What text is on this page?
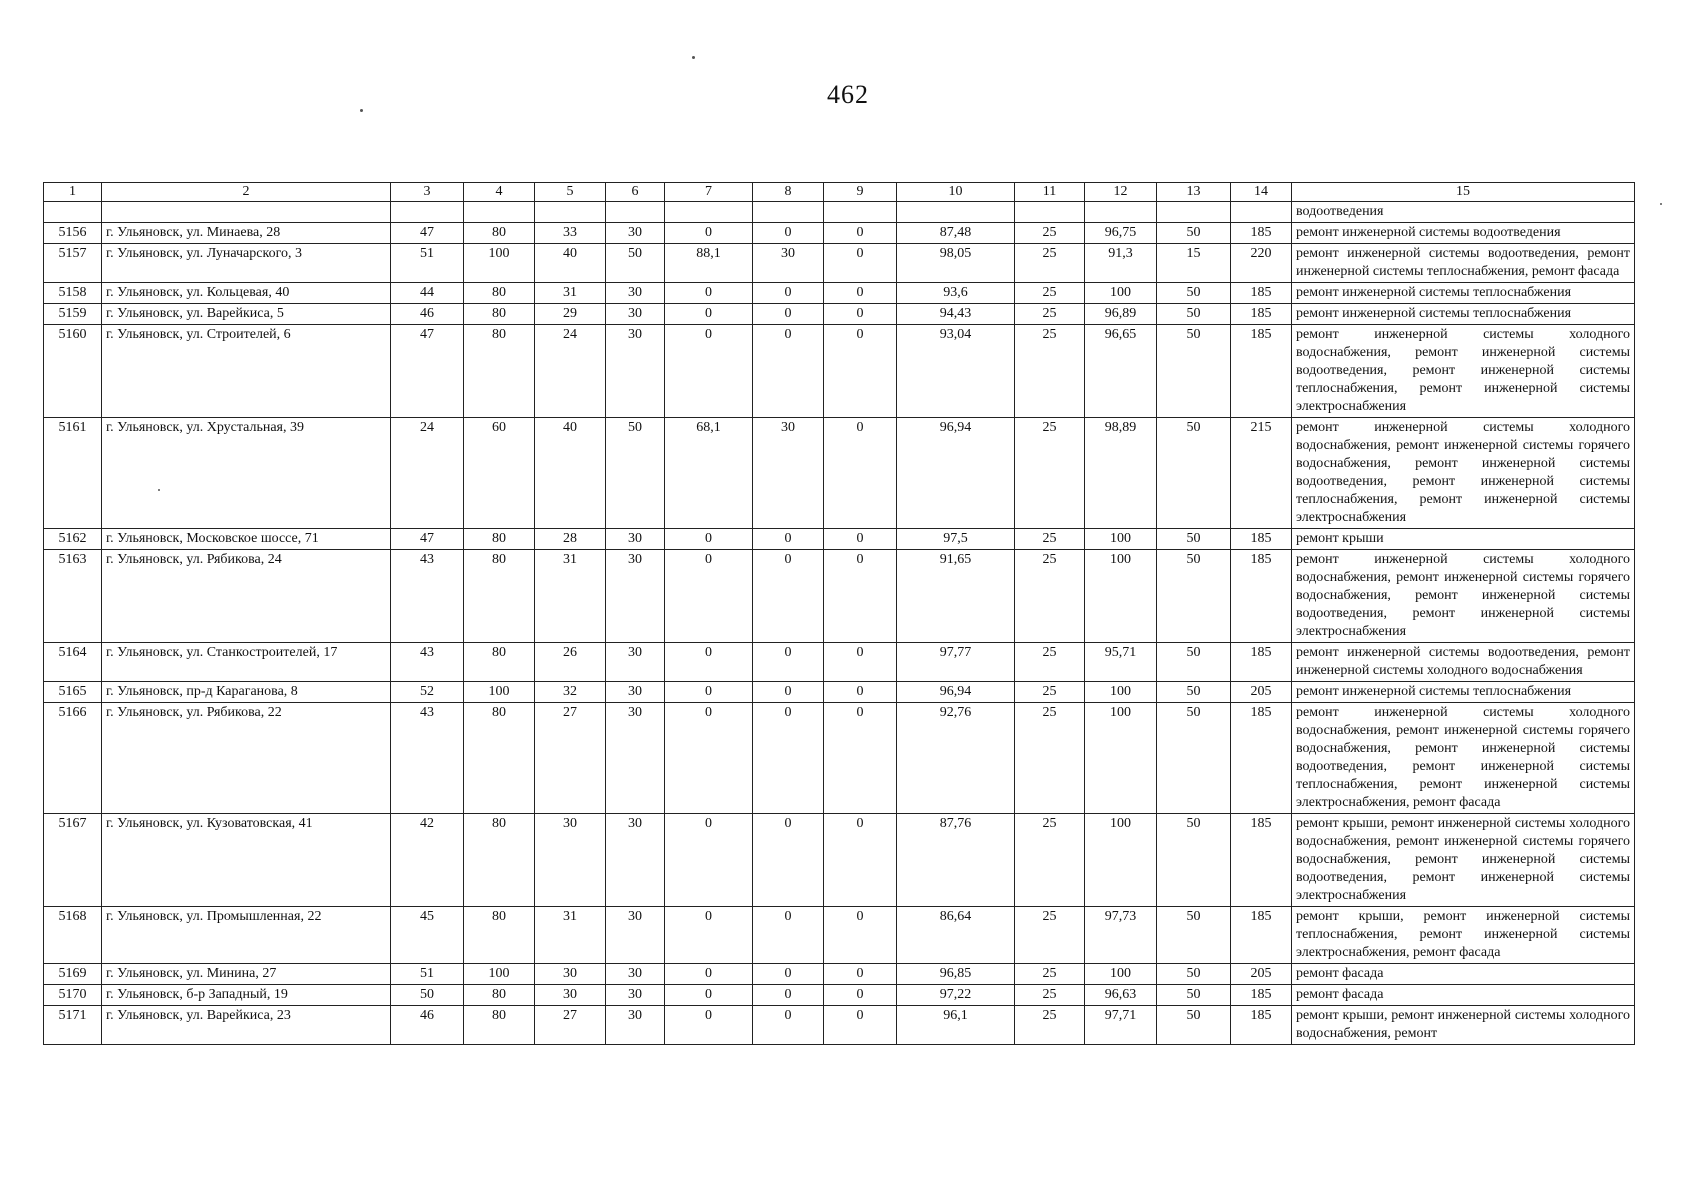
462
1	2	3	4	5	6	7	8	9	10	11	12	13	14	15
														водоотведения
5156	г. Ульяновск, ул. Минаева, 28	47	80	33	30	0	0	0	87,48	25	96,75	50	185	ремонт инженерной системы водоотведения
5157	г. Ульяновск, ул. Луначарского, 3	51	100	40	50	88,1	30	0	98,05	25	91,3	15	220	ремонт инженерной системы водоотведения, ремонт инженерной системы теплоснабжения, ремонт фасада
5158	г. Ульяновск, ул. Кольцевая, 40	44	80	31	30	0	0	0	93,6	25	100	50	185	ремонт инженерной системы теплоснабжения
5159	г. Ульяновск, ул. Варейкиса, 5	46	80	29	30	0	0	0	94,43	25	96,89	50	185	ремонт инженерной системы теплоснабжения
5160	г. Ульяновск, ул. Строителей, 6	47	80	24	30	0	0	0	93,04	25	96,65	50	185	ремонт инженерной системы холодного водоснабжения, ремонт инженерной системы водоотведения, ремонт инженерной системы теплоснабжения, ремонт инженерной системы электроснабжения
5161	г. Ульяновск, ул. Хрустальная, 39	24	60	40	50	68,1	30	0	96,94	25	98,89	50	215	ремонт инженерной системы холодного водоснабжения, ремонт инженерной системы горячего водоснабжения, ремонт инженерной системы водоотведения, ремонт инженерной системы теплоснабжения, ремонт инженерной системы электроснабжения
5162	г. Ульяновск, Московское шоссе, 71	47	80	28	30	0	0	0	97,5	25	100	50	185	ремонт крыши
5163	г. Ульяновск, ул. Рябикова, 24	43	80	31	30	0	0	0	91,65	25	100	50	185	ремонт инженерной системы холодного водоснабжения, ремонт инженерной системы горячего водоснабжения, ремонт инженерной системы водоотведения, ремонт инженерной системы электроснабжения
5164	г. Ульяновск, ул. Станкостроителей, 17	43	80	26	30	0	0	0	97,77	25	95,71	50	185	ремонт инженерной системы водоотведения, ремонт инженерной системы холодного водоснабжения
5165	г. Ульяновск, пр-д Караганова, 8	52	100	32	30	0	0	0	96,94	25	100	50	205	ремонт инженерной системы теплоснабжения
5166	г. Ульяновск, ул. Рябикова, 22	43	80	27	30	0	0	0	92,76	25	100	50	185	ремонт инженерной системы холодного водоснабжения, ремонт инженерной системы горячего водоснабжения, ремонт инженерной системы водоотведения, ремонт инженерной системы теплоснабжения, ремонт инженерной системы электроснабжения, ремонт фасада
5167	г. Ульяновск, ул. Кузоватовская, 41	42	80	30	30	0	0	0	87,76	25	100	50	185	ремонт крыши, ремонт инженерной системы холодного водоснабжения, ремонт инженерной системы горячего водоснабжения, ремонт инженерной системы водоотведения, ремонт инженерной системы электроснабжения
5168	г. Ульяновск, ул. Промышленная, 22	45	80	31	30	0	0	0	86,64	25	97,73	50	185	ремонт крыши, ремонт инженерной системы теплоснабжения, ремонт инженерной системы электроснабжения, ремонт фасада
5169	г. Ульяновск, ул. Минина, 27	51	100	30	30	0	0	0	96,85	25	100	50	205	ремонт фасада
5170	г. Ульяновск, б-р Западный, 19	50	80	30	30	0	0	0	97,22	25	96,63	50	185	ремонт фасада
5171	г. Ульяновск, ул. Варейкиса, 23	46	80	27	30	0	0	0	96,1	25	97,71	50	185	ремонт крыши, ремонт инженерной системы холодного водоснабжения, ремонт
